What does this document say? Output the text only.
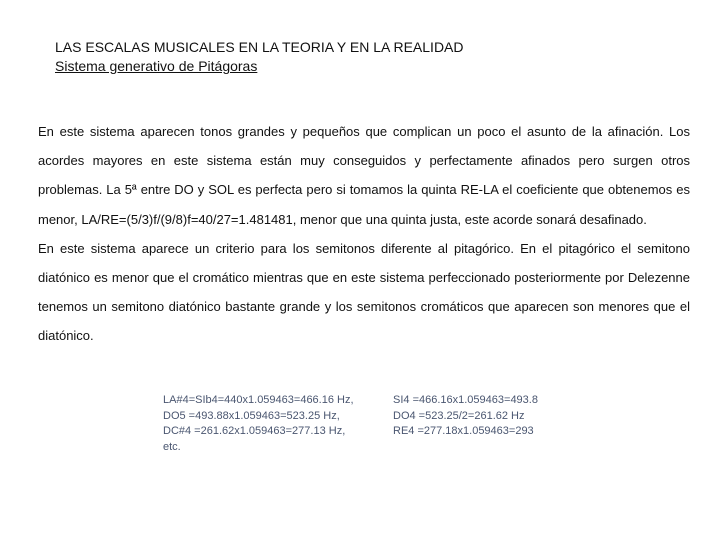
LAS ESCALAS MUSICALES EN LA TEORIA Y EN LA REALIDAD

Sistema generativo de Pitágoras

En este sistema aparecen tonos grandes y pequeños que complican un poco el asunto de la afinación. Los acordes mayores en este sistema están muy conseguidos y perfectamente afinados pero surgen otros problemas. La 5ª entre DO y SOL es perfecta pero si tomamos la quinta RE-LA el coeficiente que obtenemos es menor, LA/RE=(5/3)f/(9/8)f=40/27=1.481481, menor que una quinta justa, este acorde sonará desafinado.

En este sistema aparece un criterio para los semitonos diferente al pitagórico. En el pitagórico el semitono diatónico es menor que el cromático mientras que en este sistema perfeccionado posteriormente por Delezenne tenemos un semitono diatónico bastante grande y los semitonos cromáticos que aparecen son menores que el diatónico.

LA#4=SIb4=440x1.059463=466.16 Hz,
DO5 =493.88x1.059463=523.25 Hz,
DC#4 =261.62x1.059463=277.13 Hz,
etc.
SI4 =466.16x1.059463=493.8
DO4 =523.25/2=261.62 Hz
RE4 =277.18x1.059463=293
